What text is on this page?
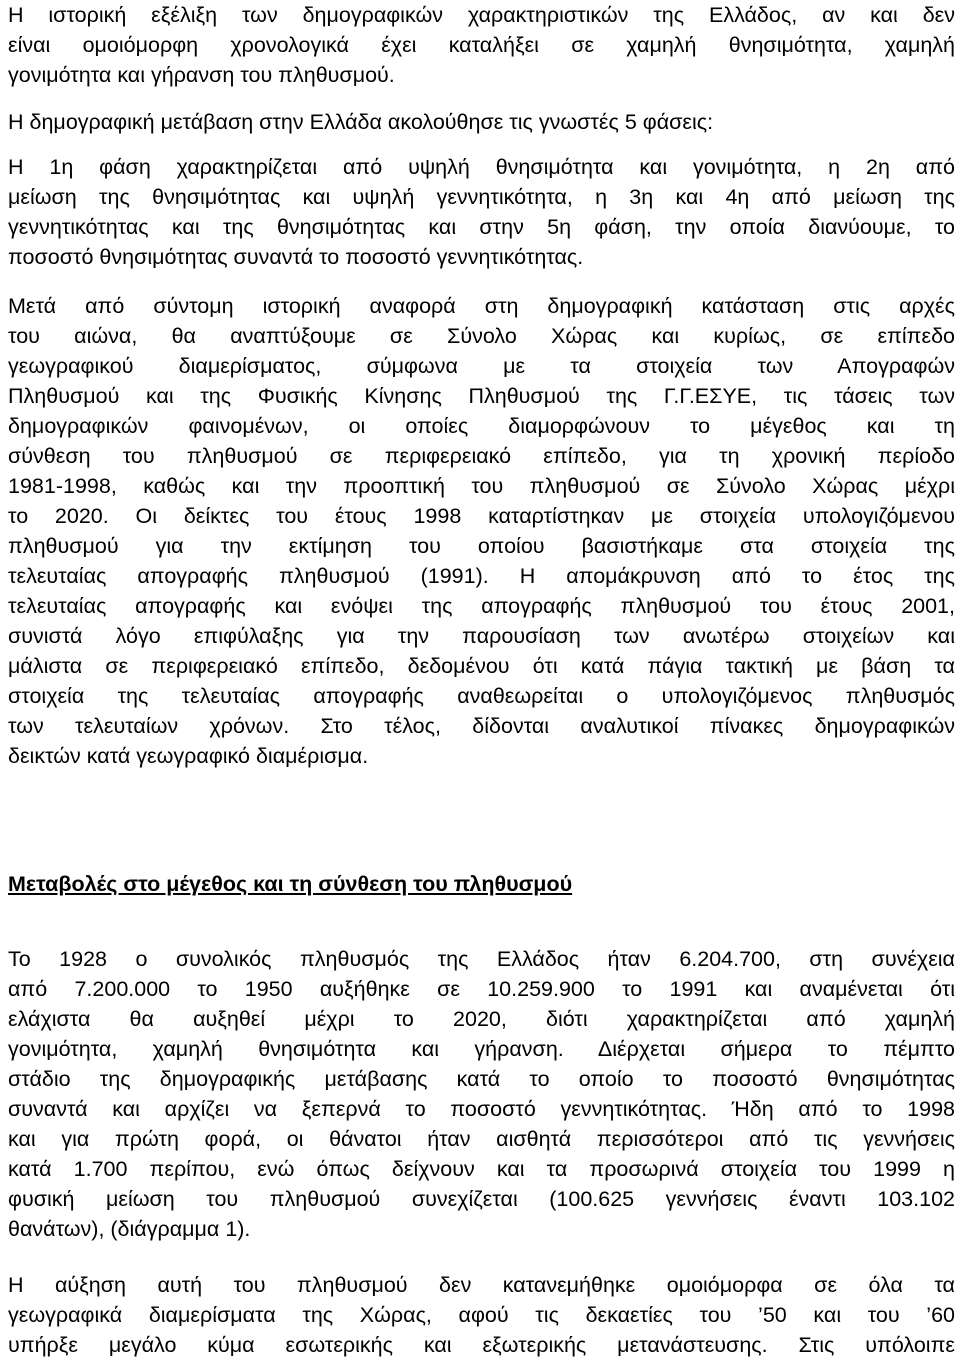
Η ιστορική εξέλιξη των δημογραφικών χαρακτηριστικών της Ελλάδος, αν και δεν
είναι ομοιόμορφη χρονολογικά έχει καταλήξει σε χαμηλή θνησιμότητα, χαμηλή
γονιμότητα και γήρανση του πληθυσμού.
Η δημογραφική μετάβαση στην Ελλάδα ακολούθησε τις γνωστές 5 φάσεις:
Η 1η φάση χαρακτηρίζεται από υψηλή θνησιμότητα και γονιμότητα, η 2η από
μείωση της θνησιμότητας και υψηλή γεννητικότητα, η 3η και 4η από μείωση της
γεννητικότητας και της θνησιμότητας και στην 5η φάση, την οποία διανύουμε, το
ποσοστό θνησιμότητας συναντά το ποσοστό γεννητικότητας.
Μετά από σύντομη ιστορική αναφορά στη δημογραφική κατάσταση στις αρχές
του αιώνα, θα αναπτύξουμε σε Σύνολο Χώρας και κυρίως, σε επίπεδο
γεωγραφικού διαμερίσματος, σύμφωνα με τα στοιχεία των Απογραφών
Πληθυσμού και της Φυσικής Κίνησης Πληθυσμού της Γ.Γ.ΕΣΥΕ, τις τάσεις των
δημογραφικών φαινομένων, οι οποίες διαμορφώνουν το μέγεθος και τη
σύνθεση του πληθυσμού σε περιφερειακό επίπεδο, για τη χρονική περίοδο
1981-1998, καθώς και την προοπτική του πληθυσμού σε Σύνολο Χώρας μέχρι
το 2020. Οι δείκτες του έτους 1998 καταρτίστηκαν με στοιχεία υπολογιζόμενου
πληθυσμού για την εκτίμηση του οποίου βασιστήκαμε στα στοιχεία της
τελευταίας απογραφής πληθυσμού (1991). Η απομάκρυνση από το έτος της
τελευταίας απογραφής και ενόψει της απογραφής πληθυσμού του έτους 2001,
συνιστά λόγο επιφύλαξης για την παρουσίαση των ανωτέρω στοιχείων και
μάλιστα σε περιφερειακό επίπεδο, δεδομένου ότι κατά πάγια τακτική με βάση τα
στοιχεία της τελευταίας απογραφής αναθεωρείται ο υπολογιζόμενος πληθυσμός
των τελευταίων χρόνων. Στο τέλος, δίδονται αναλυτικοί πίνακες δημογραφικών
δεικτών κατά γεωγραφικό διαμέρισμα.
Μεταβολές στο μέγεθος και τη σύνθεση του πληθυσμού
Το 1928 ο συνολικός πληθυσμός της Ελλάδος ήταν 6.204.700, στη συνέχεια
από 7.200.000 το 1950 αυξήθηκε σε 10.259.900 το 1991 και αναμένεται ότι
ελάχιστα θα αυξηθεί μέχρι το 2020, διότι χαρακτηρίζεται από χαμηλή
γονιμότητα, χαμηλή θνησιμότητα και γήρανση. Διέρχεται σήμερα το πέμπτο
στάδιο της δημογραφικής μετάβασης κατά το οποίο το ποσοστό θνησιμότητας
συναντά και αρχίζει να ξεπερνά το ποσοστό γεννητικότητας. Ήδη από το 1998
και για πρώτη φορά, οι θάνατοι ήταν αισθητά περισσότεροι από τις γεννήσεις
κατά 1.700 περίπου, ενώ όπως δείχνουν και τα προσωρινά στοιχεία του 1999 η
φυσική μείωση του πληθυσμού συνεχίζεται (100.625 γεννήσεις έναντι 103.102
θανάτων), (διάγραμμα 1).
Η αύξηση αυτή του πληθυσμού δεν κατανεμήθηκε ομοιόμορφα σε όλα τα
γεωγραφικά διαμερίσματα της Χώρας, αφού τις δεκαετίες του ’50 και του ’60
υπήρξε μεγάλο κύμα εσωτερικής και εξωτερικής μετανάστευσης. Στις υπόλοιπε
